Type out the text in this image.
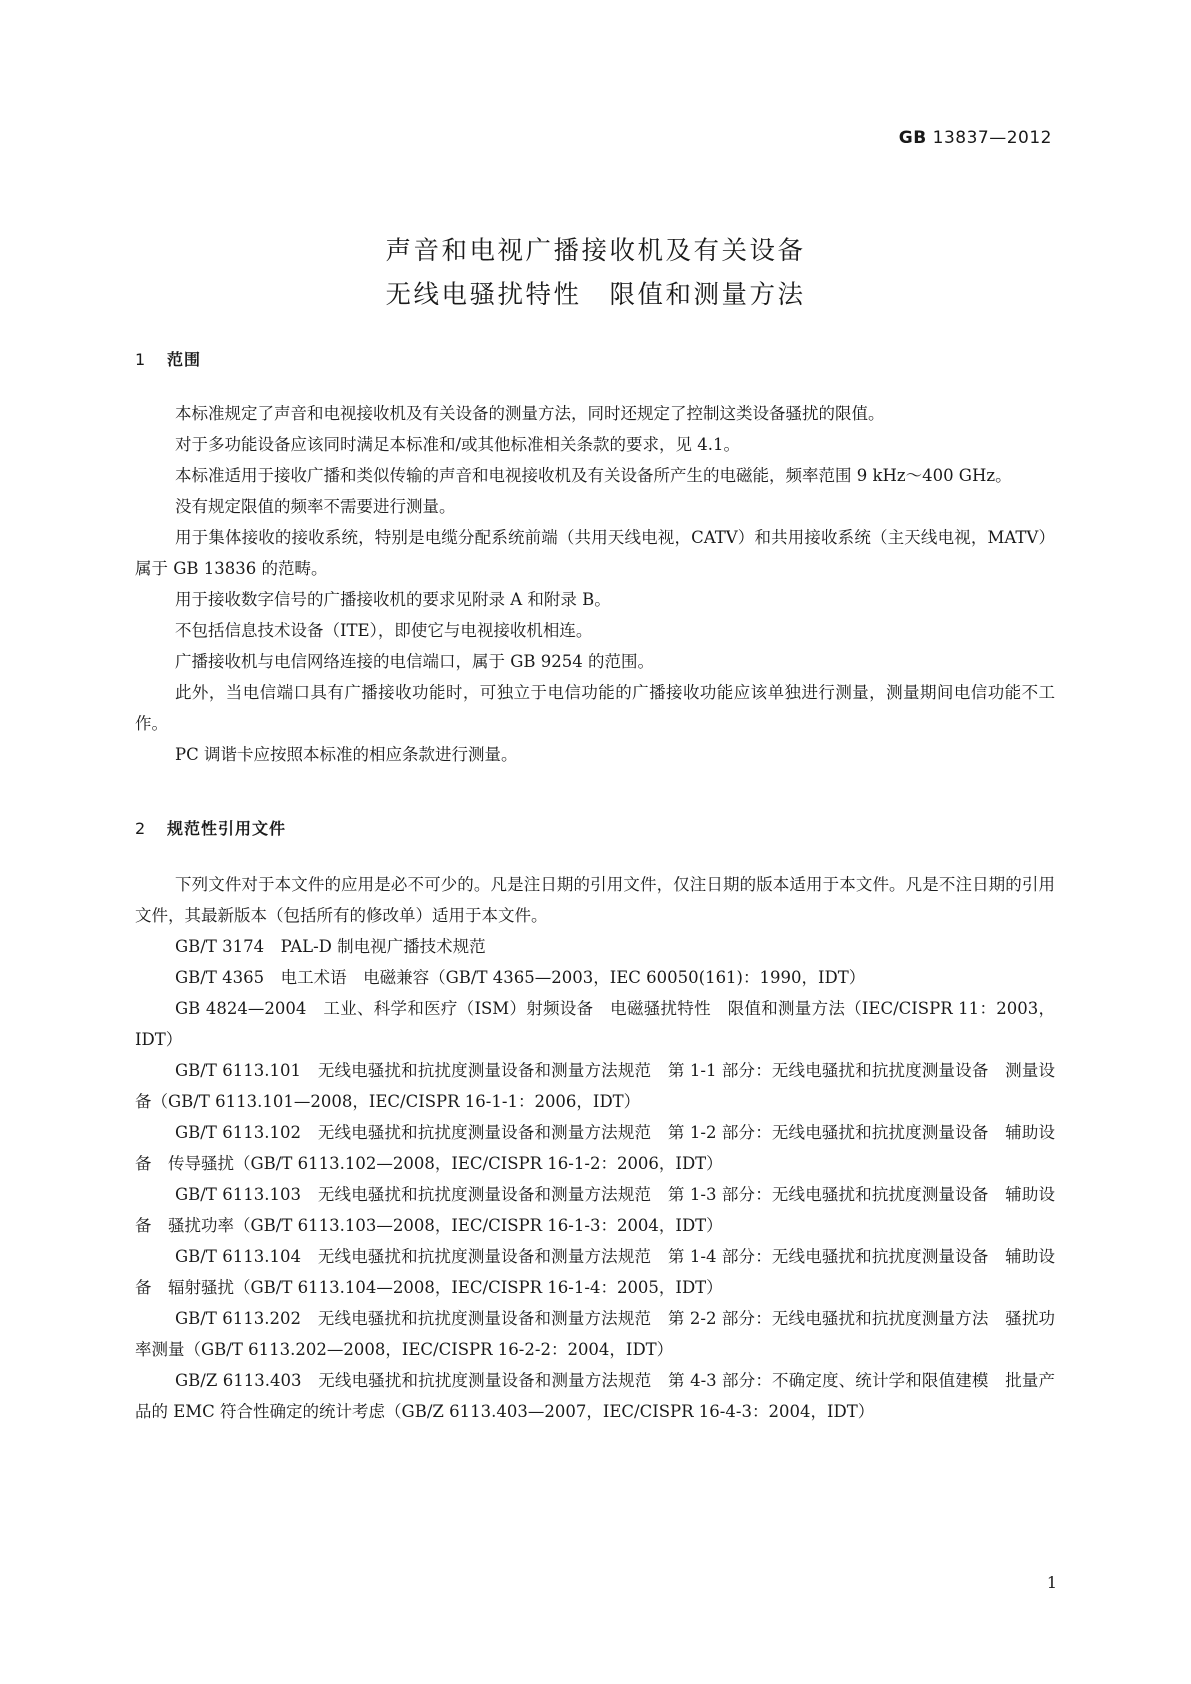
GB 13837—2012
声音和电视广播接收机及有关设备
无线电骚扰特性　限值和测量方法
1 范围

本标准规定了声音和电视接收机及有关设备的测量方法，同时还规定了控制这类设备骚扰的限值。

对于多功能设备应该同时满足本标准和/或其他标准相关条款的要求，见 4.1。

本标准适用于接收广播和类似传输的声音和电视接收机及有关设备所产生的电磁能，频率范围 9 kHz～400 GHz。

没有规定限值的频率不需要进行测量。

用于集体接收的接收系统，特别是电缆分配系统前端（共用天线电视，CATV）和共用接收系统（主天线电视，MATV）属于 GB 13836 的范畴。

用于接收数字信号的广播接收机的要求见附录 A 和附录 B。

不包括信息技术设备（ITE），即使它与电视接收机相连。

广播接收机与电信网络连接的电信端口，属于 GB 9254 的范围。

此外，当电信端口具有广播接收功能时，可独立于电信功能的广播接收功能应该单独进行测量，测量期间电信功能不工作。

PC 调谐卡应按照本标准的相应条款进行测量。

2 规范性引用文件

下列文件对于本文件的应用是必不可少的。凡是注日期的引用文件，仅注日期的版本适用于本文件。凡是不注日期的引用文件，其最新版本（包括所有的修改单）适用于本文件。

GB/T 3174　 PAL-D 制电视广播技术规范

GB/T 4365　 电工术语　电磁兼容（GB/T 4365—2003，IEC 60050(161)：1990，IDT）

GB 4824—2004　 工业、科学和医疗（ISM）射频设备　电磁骚扰特性　限值和测量方法（IEC/CISPR 11：2003，IDT）

GB/T 6113.101　 无线电骚扰和抗扰度测量设备和测量方法规范　第 1-1 部分：无线电骚扰和抗扰度测量设备　测量设备（GB/T 6113.101—2008，IEC/CISPR 16-1-1：2006，IDT）

GB/T 6113.102　 无线电骚扰和抗扰度测量设备和测量方法规范　第 1-2 部分：无线电骚扰和抗扰度测量设备　辅助设备　传导骚扰（GB/T 6113.102—2008，IEC/CISPR 16-1-2：2006，IDT）

GB/T 6113.103　 无线电骚扰和抗扰度测量设备和测量方法规范　第 1-3 部分：无线电骚扰和抗扰度测量设备　辅助设备　骚扰功率（GB/T 6113.103—2008，IEC/CISPR 16-1-3：2004，IDT）

GB/T 6113.104　 无线电骚扰和抗扰度测量设备和测量方法规范　第 1-4 部分：无线电骚扰和抗扰度测量设备　辅助设备　辐射骚扰（GB/T 6113.104—2008，IEC/CISPR 16-1-4：2005，IDT）

GB/T 6113.202　 无线电骚扰和抗扰度测量设备和测量方法规范　第 2-2 部分：无线电骚扰和抗扰度测量方法　骚扰功率测量（GB/T 6113.202—2008，IEC/CISPR 16-2-2：2004，IDT）

GB/Z 6113.403　 无线电骚扰和抗扰度测量设备和测量方法规范　第 4-3 部分：不确定度、统计学和限值建模　批量产品的 EMC 符合性确定的统计考虑（GB/Z 6113.403—2007，IEC/CISPR 16-4-3：2004，IDT）

1
